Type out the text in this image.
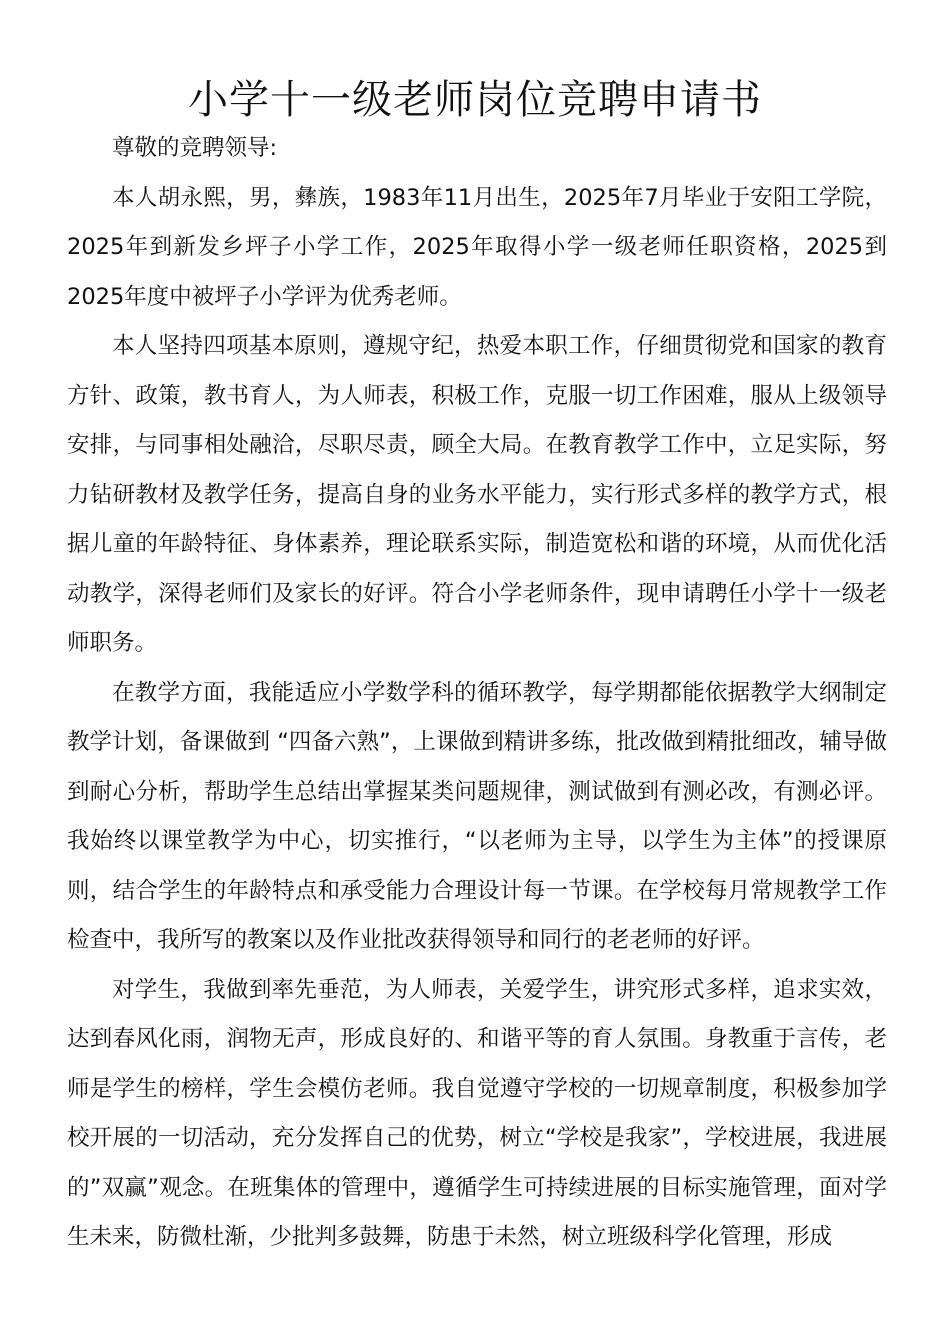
小学十一级老师岗位竞聘申请书

尊敬的竞聘领导:

本人胡永熙，男，彝族，1983年11月出生，2025年7月毕业于安阳工学院，2025年到新发乡坪子小学工作，2025年取得小学一级老师任职资格，2025到2025年度中被坪子小学评为优秀老师。

本人坚持四项基本原则，遵规守纪，热爱本职工作，仔细贯彻党和国家的教育方针、政策，教书育人，为人师表，积极工作，克服一切工作困难，服从上级领导安排，与同事相处融洽，尽职尽责，顾全大局。在教育教学工作中，立足实际，努力钻研教材及教学任务，提高自身的业务水平能力，实行形式多样的教学方式，根据儿童的年龄特征、身体素养，理论联系实际，制造宽松和谐的环境，从而优化活动教学，深得老师们及家长的好评。符合小学老师条件，现申请聘任小学十一级老师职务。

在教学方面，我能适应小学数学科的循环教学，每学期都能依据教学大纲制定教学计划，备课做到 “四备六熟”，上课做到精讲多练，批改做到精批细改，辅导做到耐心分析，帮助学生总结出掌握某类问题规律，测试做到有测必改，有测必评。我始终以课堂教学为中心，切实推行，“以老师为主导，以学生为主体”的授课原则，结合学生的年龄特点和承受能力合理设计每一节课。在学校每月常规教学工作检查中，我所写的教案以及作业批改获得领导和同行的老老师的好评。

对学生，我做到率先垂范，为人师表，关爱学生，讲究形式多样，追求实效，达到春风化雨，润物无声，形成良好的、和谐平等的育人氛围。身教重于言传，老师是学生的榜样，学生会模仿老师。我自觉遵守学校的一切规章制度，积极参加学校开展的一切活动，充分发挥自己的优势，树立“学校是我家”，学校进展，我进展的”双赢”观念。在班集体的管理中，遵循学生可持续进展的目标实施管理，面对学生未来，防微杜渐，少批判多鼓舞，防患于未然，树立班级科学化管理，形成
